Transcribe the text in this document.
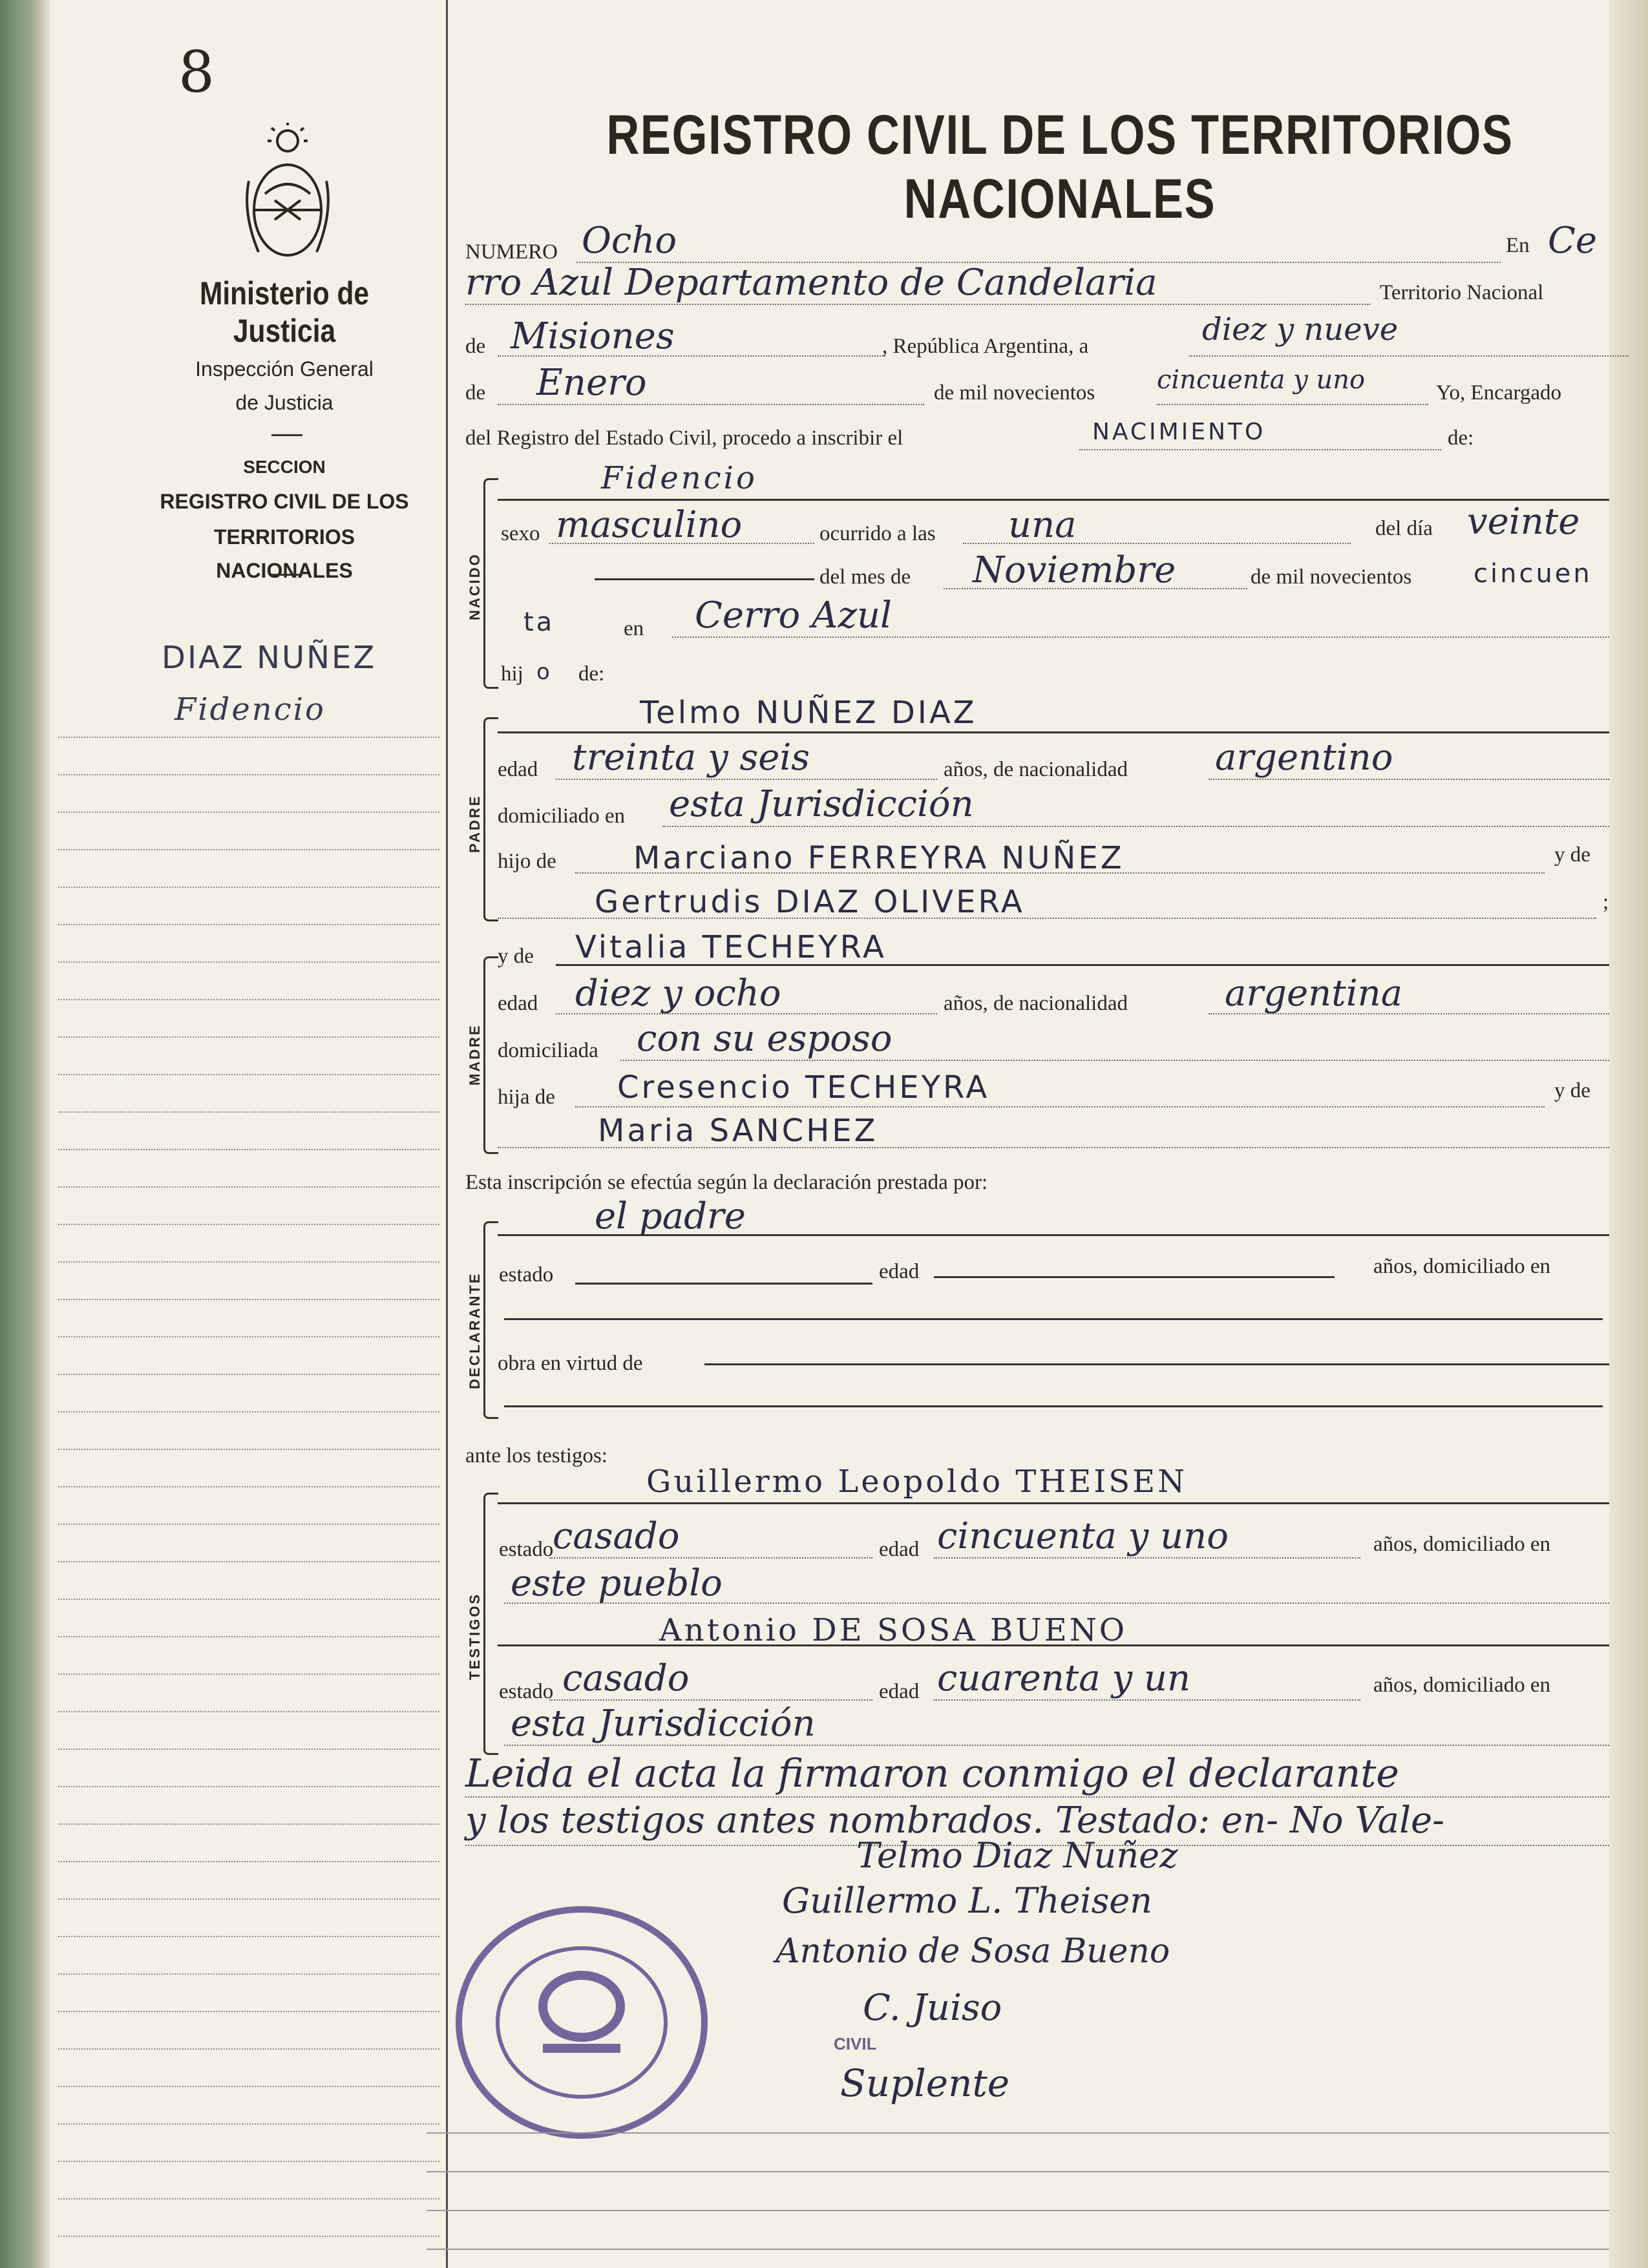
8
Ministerio de Justicia
Inspección General
de Justicia
SECCION
REGISTRO CIVIL DE LOS
TERRITORIOS NACIONALES
DIAZ NUÑEZ
Fidencio
REGISTRO CIVIL DE LOS TERRITORIOS NACIONALES
NUMERO Ocho	En Ce
rro Azul Departamento de Candelaria	Territorio Nacional
de Misiones	, República Argentina, a	diez y nueve
de Enero	de mil novecientos cincuenta y uno	Yo, Encargado
del Registro del Estado Civil, procedo a inscribir el	NACIMIENTO	de:
NACIDO
Fidencio
sexo masculino	ocurrido a las una	del día veinte
del mes de Noviembre	de mil novecientos cincuen
ta	en Cerro Azul
hij o de:
PADRE
Telmo NUÑEZ DIAZ
edad treinta y seis	años, de nacionalidad argentino
domiciliado en esta Jurisdicción
hijo de Marciano FERREYRA NUÑEZ	y de
Gertrudis DIAZ OLIVERA	;
MADRE
y de Vitalia TECHEYRA
edad diez y ocho	años, de nacionalidad	argentina
domiciliada con su esposo
hija de Cresencio TECHEYRA	y de
Maria SANCHEZ
Esta inscripción se efectúa según la declaración prestada por:
DECLARANTE
el padre
estado	edad	años, domiciliado en
obra en virtud de
ante los testigos:
TESTIGOS
Guillermo Leopoldo THEISEN
estado
casado	edad cincuenta y uno	años, domiciliado en
este pueblo
Antonio DE SOSA BUENO
estado casado	edad cuarenta y un	años, domiciliado en
esta Jurisdicción
Leida el acta la firmaron conmigo el declarante
y los testigos antes nombrados. Testado: en- No Vale-
Telmo Diaz Nuñez
Guillermo L. Theisen
Antonio de Sosa Bueno
C. Juiso
CIVIL
Suplente
